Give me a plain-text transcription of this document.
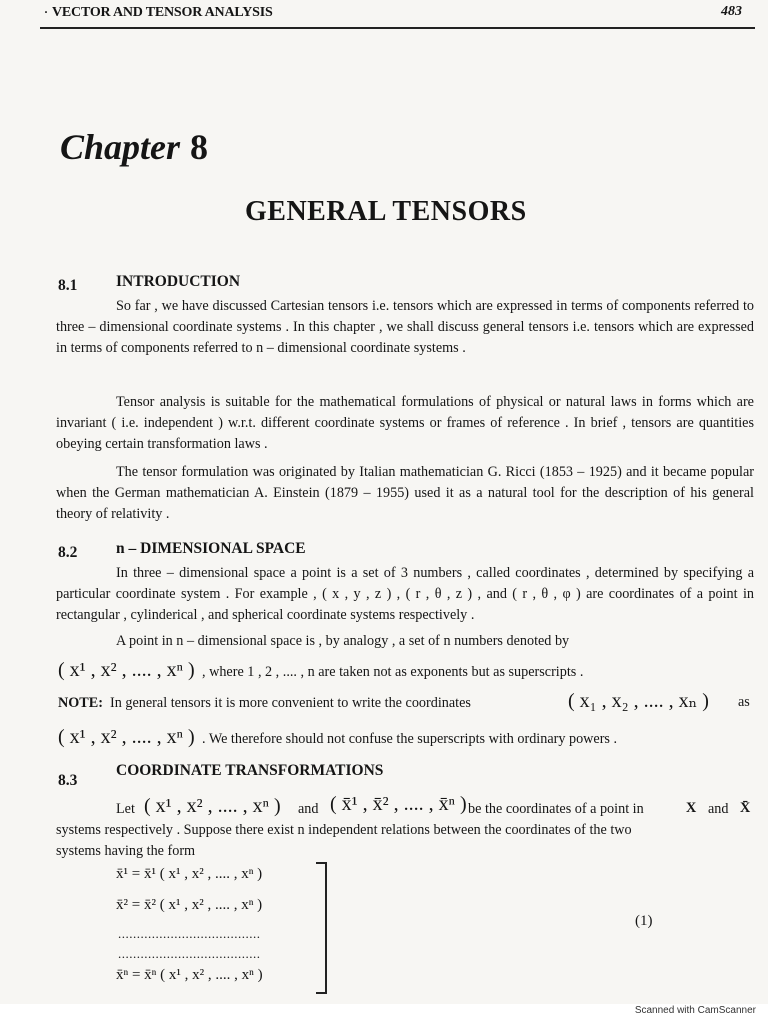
· VECTOR AND TENSOR ANALYSIS	483
Chapter 8
GENERAL TENSORS
8.1 INTRODUCTION
So far , we have discussed Cartesian tensors i.e. tensors which are expressed in terms of components referred to three – dimensional coordinate systems . In this chapter , we shall discuss general tensors i.e. tensors which are expressed in terms of components referred to n – dimensional coordinate systems .
Tensor analysis is suitable for the mathematical formulations of physical or natural laws in forms which are invariant ( i.e. independent ) w.r.t. different coordinate systems or frames of reference . In brief , tensors are quantities obeying certain transformation laws .
The tensor formulation was originated by Italian mathematician G. Ricci (1853 – 1925) and it became popular when the German mathematician A. Einstein (1879 – 1955) used it as a natural tool for the description of his general theory of relativity .
8.2 n – DIMENSIONAL SPACE
In three – dimensional space a point is a set of 3 numbers , called coordinates , determined by specifying a particular coordinate system . For example , ( x , y , z ) , ( r , θ , z ) , and ( r , θ , φ ) are coordinates of a point in rectangular , cylinderical , and spherical coordinate systems respectively .
A point in n – dimensional space is , by analogy , a set of n numbers denoted by
( x¹ , x² , .... , xⁿ ) , where 1 , 2 , .... , n are taken not as exponents but as superscripts .
NOTE: In general tensors it is more convenient to write the coordinates	( x₁ , x₂ , .... , xₙ ) as
( x¹ , x² , .... , xⁿ ) . We therefore should not confuse the superscripts with ordinary powers .
8.3
COORDINATE TRANSFORMATIONS
Let ( x¹ , x² , .... , xⁿ ) and ( x̄¹ , x̄² , .... , x̄ⁿ ) be the coordinates of a point in	X and X̄
systems respectively . Suppose there exist n independent relations between the coordinates of the two
systems having the form
x̄¹ = x̄¹ ( x¹ , x² , .... , xⁿ )
x̄² = x̄² ( x¹ , x² , .... , xⁿ )
......................................
......................................
x̄ⁿ = x̄ⁿ ( x¹ , x² , .... , xⁿ )
(1)
Scanned with CamScanner
